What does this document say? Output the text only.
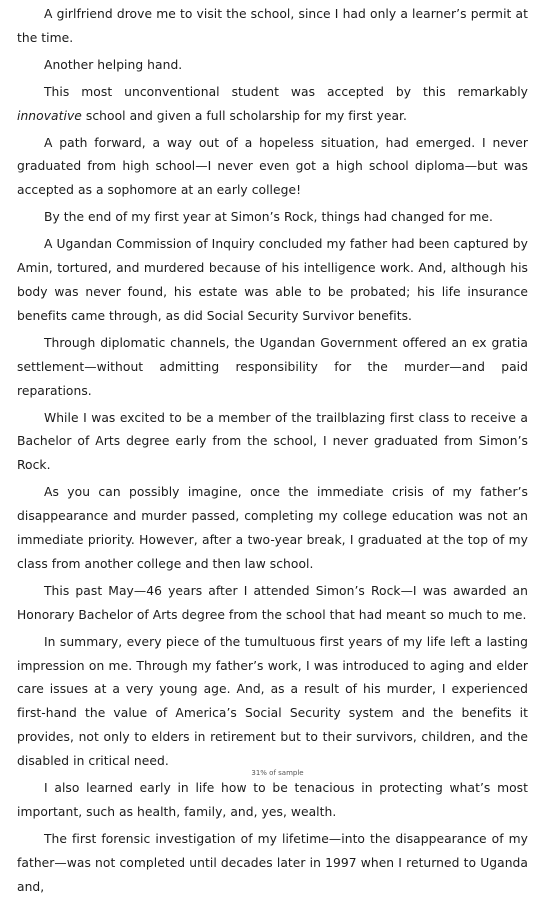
A girlfriend drove me to visit the school, since I had only a learner’s permit at the time.

Another helping hand.

This most unconventional student was accepted by this remarkably innovative school and given a full scholarship for my first year.

A path forward, a way out of a hopeless situation, had emerged. I never graduated from high school—I never even got a high school diploma—but was accepted as a sophomore at an early college!

By the end of my first year at Simon’s Rock, things had changed for me.

A Ugandan Commission of Inquiry concluded my father had been captured by Amin, tortured, and murdered because of his intelligence work. And, although his body was never found, his estate was able to be probated; his life insurance benefits came through, as did Social Security Survivor benefits.

Through diplomatic channels, the Ugandan Government offered an ex gratia settlement—without admitting responsibility for the murder—and paid reparations.

While I was excited to be a member of the trailblazing first class to receive a Bachelor of Arts degree early from the school, I never graduated from Simon’s Rock.

As you can possibly imagine, once the immediate crisis of my father’s disappearance and murder passed, completing my college education was not an immediate priority. However, after a two-year break, I graduated at the top of my class from another college and then law school.

This past May—46 years after I attended Simon’s Rock—I was awarded an Honorary Bachelor of Arts degree from the school that had meant so much to me.

In summary, every piece of the tumultuous first years of my life left a lasting impression on me. Through my father’s work, I was introduced to aging and elder care issues at a very young age. And, as a result of his murder, I experienced first-hand the value of America’s Social Security system and the benefits it provides, not only to elders in retirement but to their survivors, children, and the disabled in critical need.

I also learned early in life how to be tenacious in protecting what’s most important, such as health, family, and, yes, wealth.

The first forensic investigation of my lifetime—into the disappearance of my father—was not completed until decades later in 1997 when I returned to Uganda and,

31% of sample
